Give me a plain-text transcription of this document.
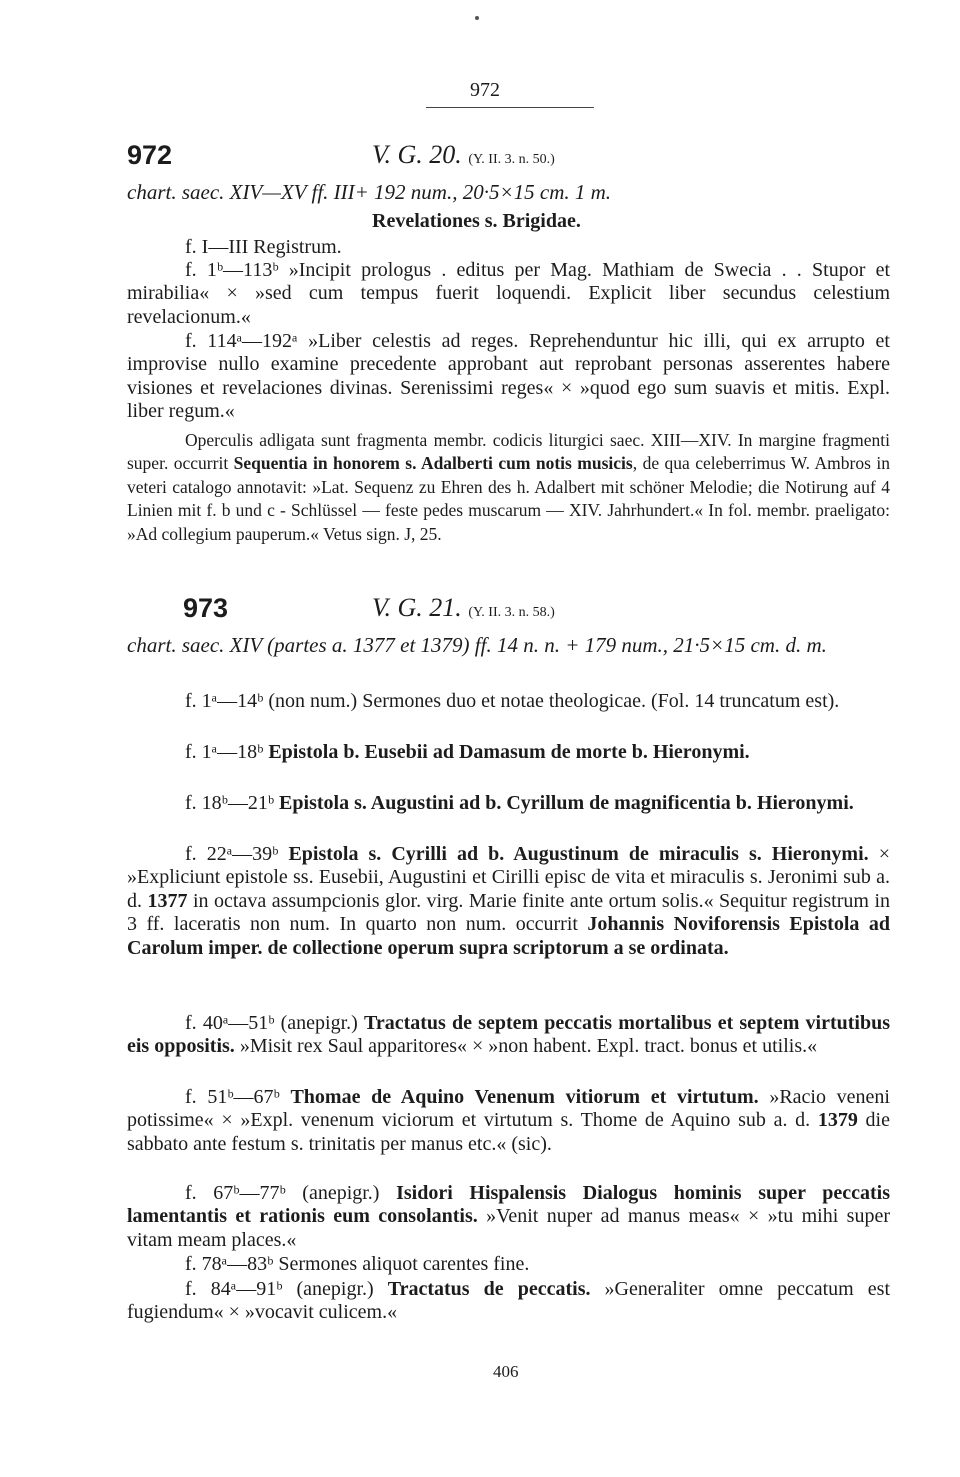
972
972	V. G. 20. (Y. II. 3. n. 50.)

chart. saec. XIV—XV ff. III+ 192 num., 20·5×15 cm. 1 m.

Revelationes s. Brigidae.

f. I—III Registrum.

f. 1ᵇ—113ᵇ »Incipit prologus . editus per Mag. Mathiam de Swecia . . Stupor et mirabilia« × »sed cum tempus fuerit loquendi. Explicit liber secundus celestium revelacionum.«

f. 114ᵃ—192ᵃ »Liber celestis ad reges. Reprehenduntur hic illi, qui ex arrupto et improvise nullo examine precedente approbant aut reprobant personas asserentes habere visiones et revelaciones divinas. Serenissimi reges« × »quod ego sum suavis et mitis. Expl. liber regum.«

Operculis adligata sunt fragmenta membr. codicis liturgici saec. XIII—XIV. In margine fragmenti super. occurrit Sequentia in honorem s. Adalberti cum notis musicis, de qua celeberrimus W. Ambros in veteri catalogo annotavit: »Lat. Sequenz zu Ehren des h. Adalbert mit schöner Melodie; die Notirung auf 4 Linien mit f. b und c - Schlüssel — feste pedes muscarum — XIV. Jahrhundert.« In fol. membr. praeligato: »Ad collegium pauperum.« Vetus sign. J, 25.

973	V. G. 21. (Y. II. 3. n. 58.)

chart. saec. XIV (partes a. 1377 et 1379) ff. 14 n. n. + 179 num., 21·5×15 cm. d. m.

f. 1ᵃ—14ᵇ (non num.) Sermones duo et notae theologicae. (Fol. 14 truncatum est).

f. 1ᵃ—18ᵇ Epistola b. Eusebii ad Damasum de morte b. Hieronymi.

f. 18ᵇ—21ᵇ Epistola s. Augustini ad b. Cyrillum de magnificentia b. Hieronymi.

f. 22ᵃ—39ᵇ Epistola s. Cyrilli ad b. Augustinum de miraculis s. Hieronymi. × »Expliciunt epistole ss. Eusebii, Augustini et Cirilli episc de vita et miraculis s. Jeronimi sub a. d. 1377 in octava assumpcionis glor. virg. Marie finite ante ortum solis.« Sequitur registrum in 3 ff. laceratis non num. In quarto non num. occurrit Johannis Noviforensis Epistola ad Carolum imper. de collectione operum supra scriptorum a se ordinata.

f. 40ᵃ—51ᵇ (anepigr.) Tractatus de septem peccatis mortalibus et septem virtutibus eis oppositis. »Misit rex Saul apparitores« × »non habent. Expl. tract. bonus et utilis.«

f. 51ᵇ—67ᵇ Thomae de Aquino Venenum vitiorum et virtutum. »Racio veneni potissime« × »Expl. venenum viciorum et virtutum s. Thome de Aquino sub a. d. 1379 die sabbato ante festum s. trinitatis per manus etc.« (sic).

f. 67ᵇ—77ᵇ (anepigr.) Isidori Hispalensis Dialogus hominis super peccatis lamentantis et rationis eum consolantis. »Venit nuper ad manus meas« × »tu mihi super vitam meam places.«

f. 78ᵃ—83ᵇ Sermones aliquot carentes fine.

f. 84ᵃ—91ᵇ (anepigr.) Tractatus de peccatis. »Generaliter omne peccatum est fugiendum« × »vocavit culicem.«

406
